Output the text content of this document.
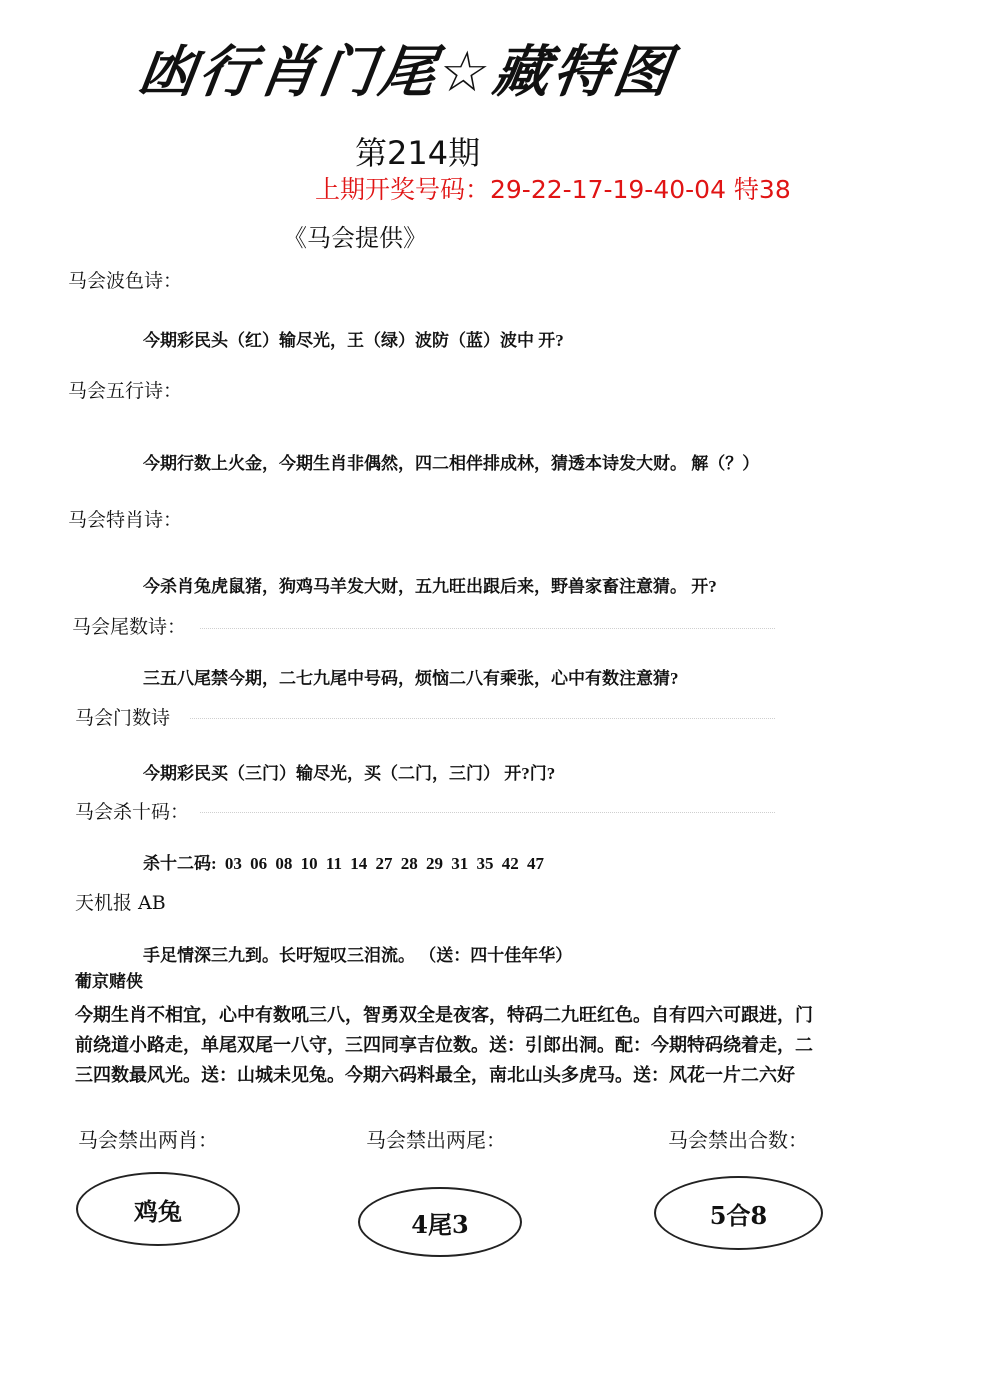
凼行肖门尾☆藏特图
第214期
上期开奖号码：29-22-17-19-40-04 特38
《马会提供》
马会波色诗：
今期彩民头（红）输尽光，王（绿）波防（蓝）波中 开?
马会五行诗：
今期行数上火金，今期生肖非偶然，四二相伴排成林，猜透本诗发大财。 解（？）
马会特肖诗：
今杀肖兔虎鼠猪，狗鸡马羊发大财，五九旺出跟后来，野兽家畜注意猜。 开?
马会尾数诗：
三五八尾禁今期，二七九尾中号码，烦恼二八有乘张，心中有数注意猜?
马会门数诗
今期彩民买（三门）输尽光，买（二门，三门） 开?门?
马会杀十码：
杀十二码: 03 06 08 10 11 14 27 28 29 31 35 42 47
天机报 AB
手足情深三九到。长吁短叹三泪流。 （送：四十佳年华）
葡京赌侠
今期生肖不相宜，心中有数吼三八，智勇双全是夜客，特码二九旺红色。自有四六可跟进，门
前绕道小路走，单尾双尾一八守，三四同享吉位数。送：引郎出洞。配：今期特码绕着走，二
三四数最风光。送：山城未见兔。今期六码料最全，南北山头多虎马。送：风花一片二六好
马会禁出两肖：	马会禁出两尾：	马会禁出合数：
鸡兔	4尾3	5合8
